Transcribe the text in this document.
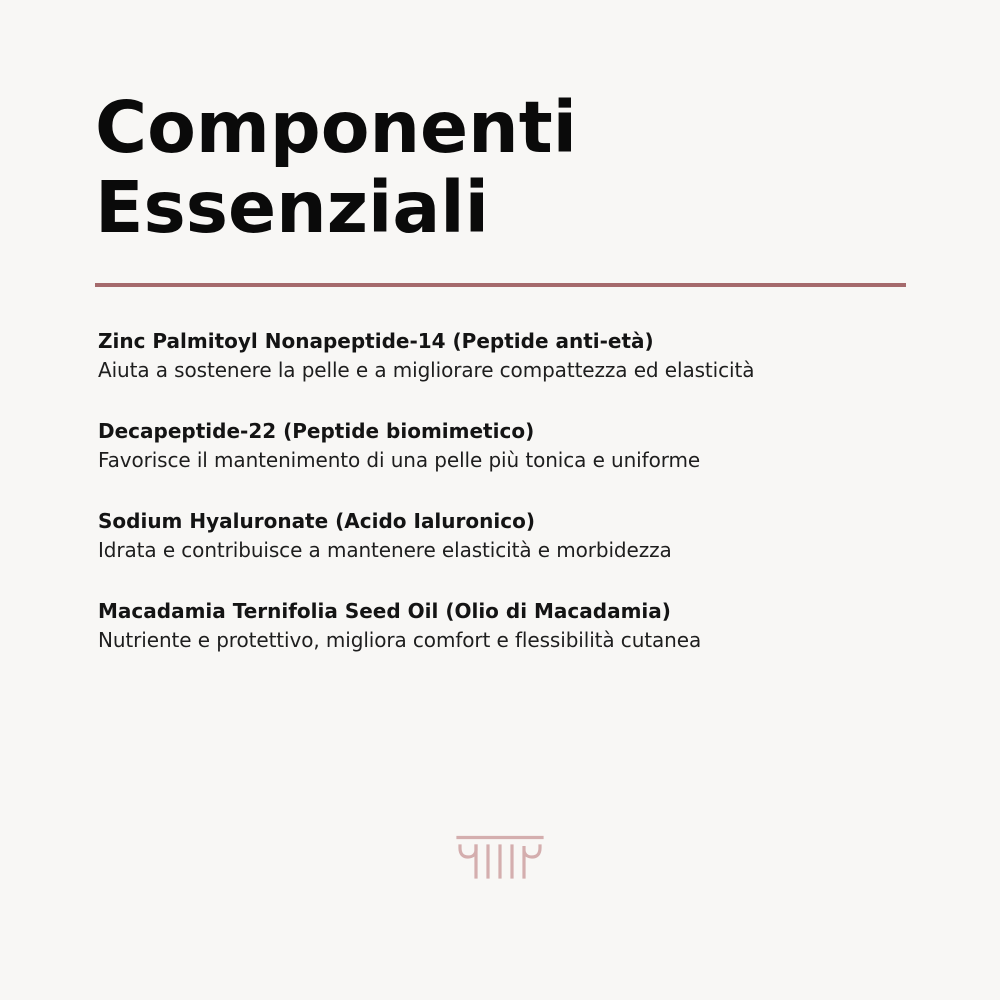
Componenti
Essenziali
Zinc Palmitoyl Nonapeptide-14 (Peptide anti-età)
Aiuta a sostenere la pelle e a migliorare compattezza ed elasticità
Decapeptide-22 (Peptide biomimetico)
Favorisce il mantenimento di una pelle più tonica e uniforme
Sodium Hyaluronate (Acido Ialuronico)
Idrata e contribuisce a mantenere elasticità e morbidezza
Macadamia Ternifolia Seed Oil (Olio di Macadamia)
Nutriente e protettivo, migliora comfort e flessibilità cutanea
